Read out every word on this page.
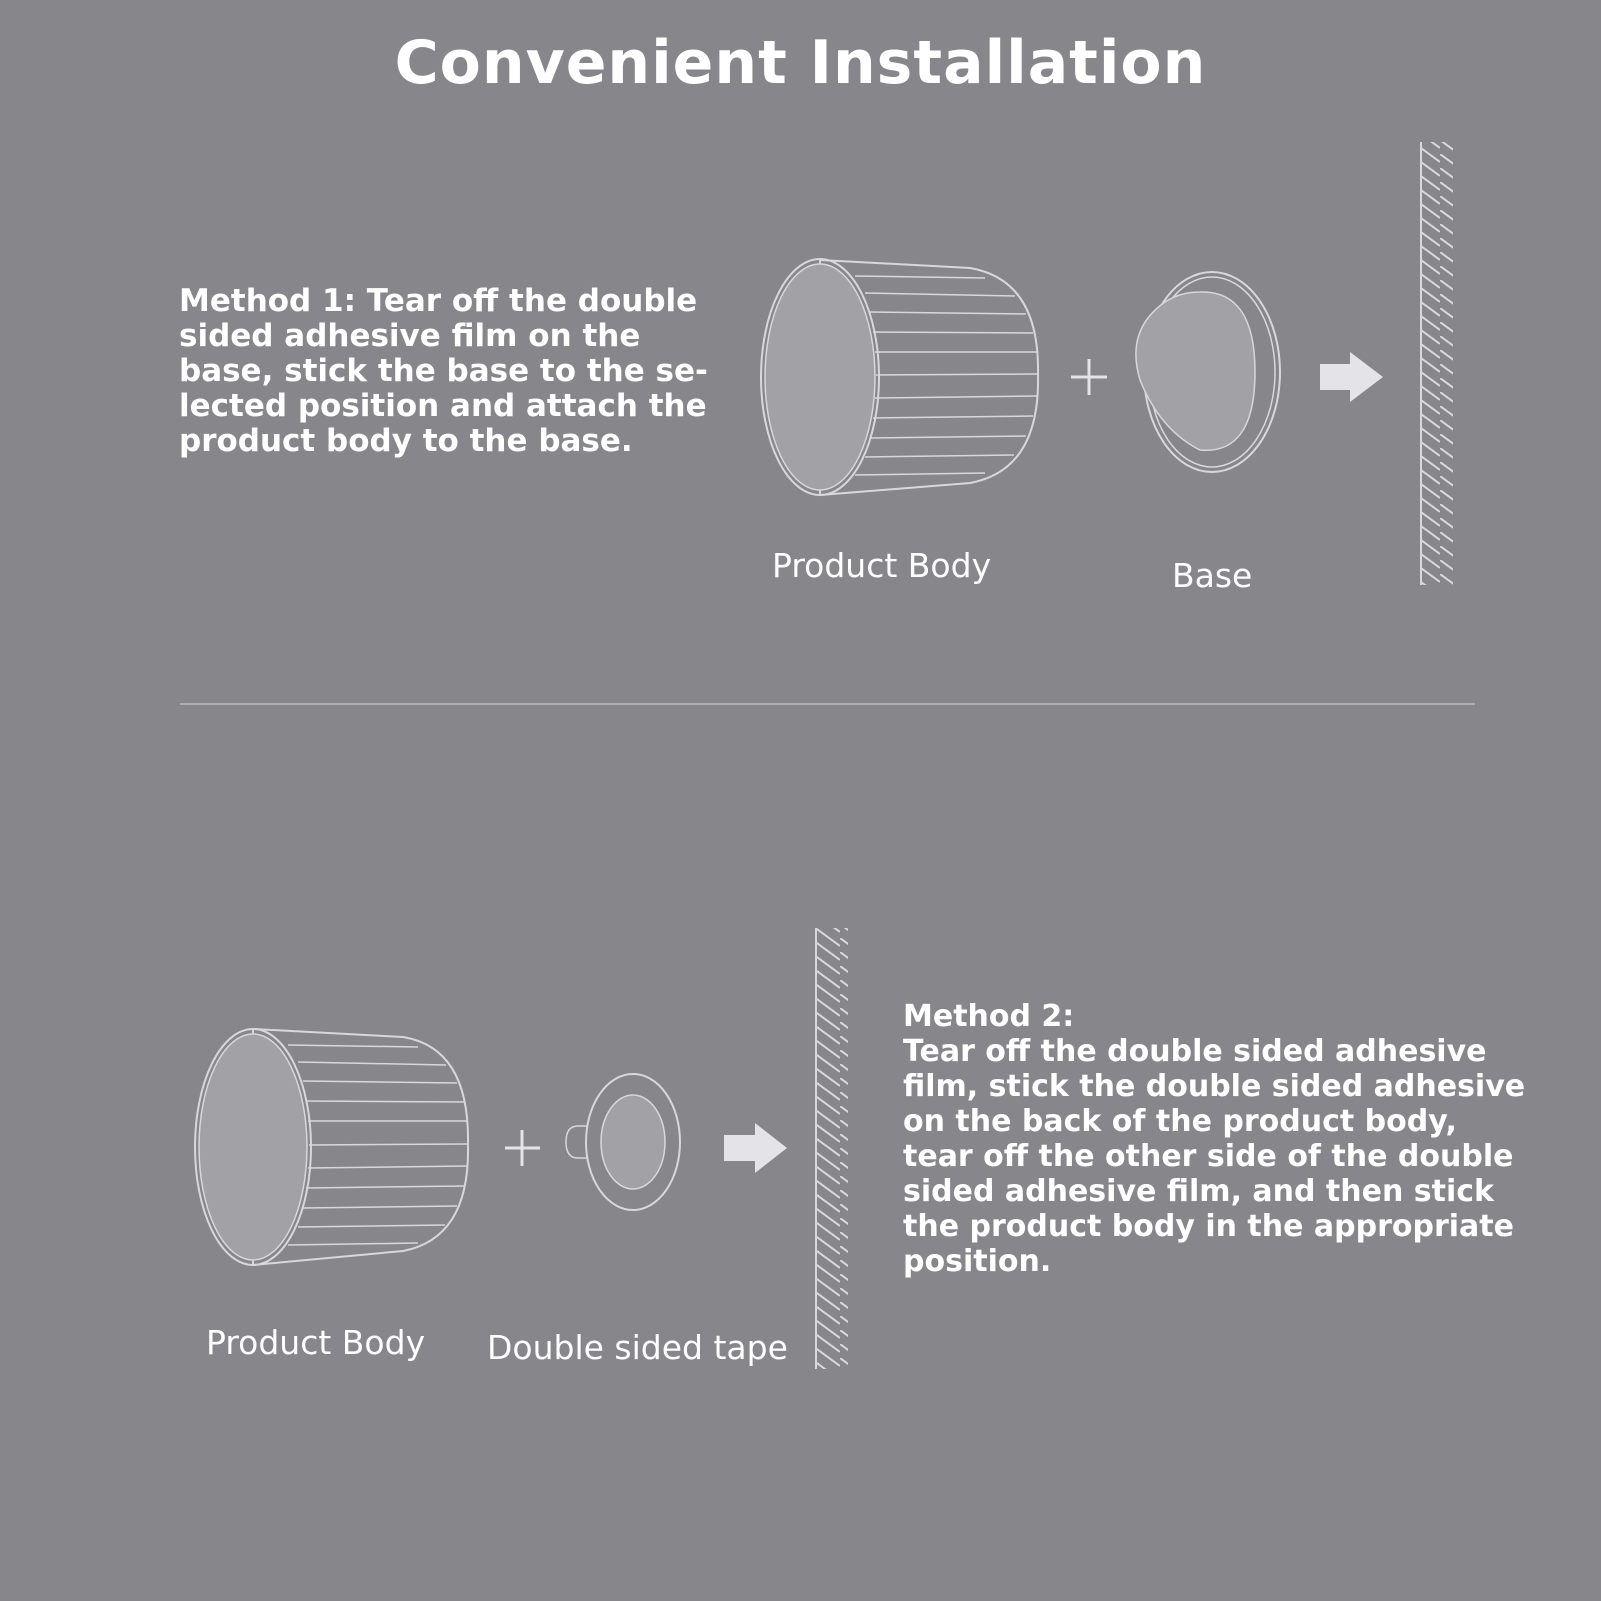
Convenient Installation
Method 1: Tear off the double
sided adhesive film on the
base, stick the base to the se-
lected position and attach the
product body to the base.
Product Body	Base
Method 2:
Tear off the double sided adhesive
film, stick the double sided adhesive
on the back of the product body,
tear off the other side of the double
sided adhesive film, and then stick
the product body in the appropriate
position.
Product Body Double sided tape
